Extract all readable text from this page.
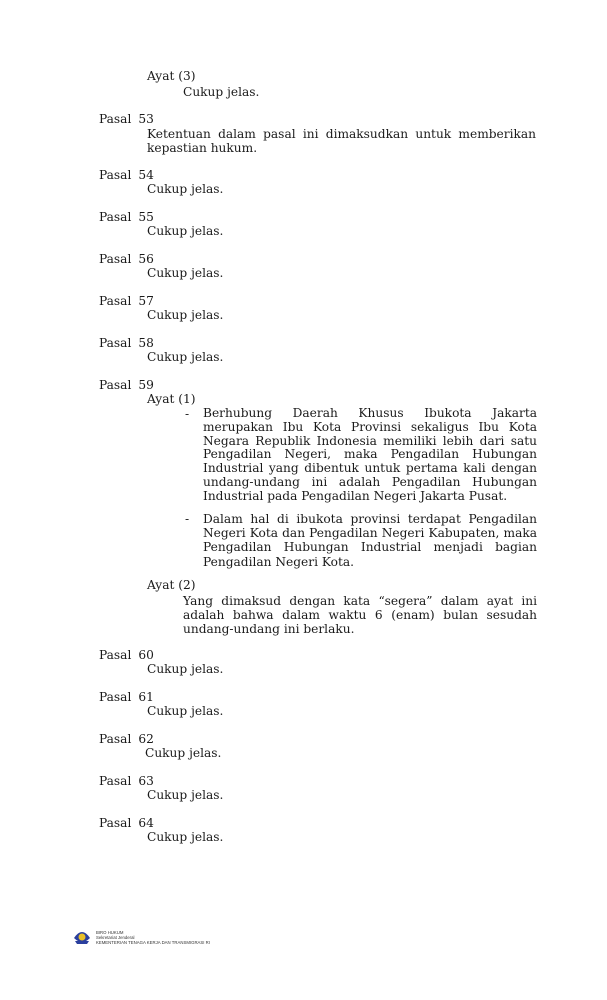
Ayat (3)
Cukup jelas.
Pasal 53
Ketentuan dalam pasal ini dimaksudkan untuk memberikan kepastian hukum.
Pasal 59
Ayat (1)
- Berhubung Daerah Khusus Ibukota Jakarta merupakan Ibu Kota Provinsi sekaligus Ibu Kota Negara Republik Indonesia memiliki lebih dari satu Pengadilan Negeri, maka Pengadilan Hubungan Industrial yang dibentuk untuk pertama kali dengan undang-undang ini adalah Pengadilan Hubungan Industrial pada Pengadilan Negeri Jakarta Pusat.
- Dalam hal di ibukota provinsi terdapat Pengadilan Negeri Kota dan Pengadilan Negeri Kabupaten, maka Pengadilan Hubungan Industrial menjadi bagian Pengadilan Negeri Kota.
Ayat (2)
Yang dimaksud dengan kata “segera” dalam ayat ini adalah bahwa dalam waktu 6 (enam) bulan sesudah undang-undang ini berlaku.
BIRO HUKUM
Sekretariat Jenderal
KEMENTERIAN TENAGA KERJA DAN TRANSMIGRASI RI
Pasal 54
Cukup jelas.
Pasal 55
Cukup jelas.
Pasal 56
Cukup jelas.
Pasal 57
Cukup jelas.
Pasal 58
Cukup jelas.
Pasal 60
Cukup jelas.
Pasal 61
Cukup jelas.
Pasal 62
Cukup jelas.
Pasal 63
Cukup jelas.
Pasal 64
Cukup jelas.
